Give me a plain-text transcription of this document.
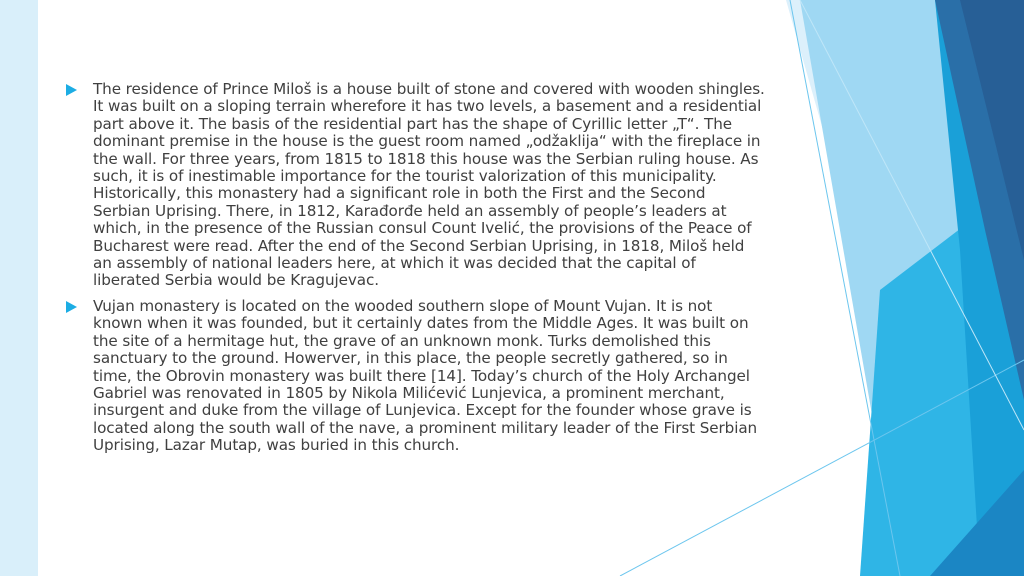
The residence of Prince Miloš is a house built of stone and covered with wooden shingles. It was built on a sloping terrain wherefore it has two levels, a basement and a residential part above it. The basis of the residential part has the shape of Cyrillic letter „T“. The dominant premise in the house is the guest room named „odžaklija“ with the fireplace in the wall. For three years, from 1815 to 1818 this house was the Serbian ruling house. As such, it is of inestimable importance for the tourist valorization of this municipality. Historically, this monastery had a significant role in both the First and the Second Serbian Uprising. There, in 1812, Karađorđe held an assembly of people’s leaders at which, in the presence of the Russian consul Count Ivelić, the provisions of the Peace of Bucharest were read. After the end of the Second Serbian Uprising, in 1818, Miloš held an assembly of national leaders here, at which it was decided that the capital of liberated Serbia would be Kragujevac.
Vujan monastery is located on the wooded southern slope of Mount Vujan. It is not known when it was founded, but it certainly dates from the Middle Ages. It was built on the site of a hermitage hut, the grave of an unknown monk. Turks demolished this sanctuary to the ground. Howerver, in this place, the people secretly gathered, so in time, the Obrovin monastery was built there [14]. Today’s church of the Holy Archangel Gabriel was renovated in 1805 by Nikola Milićević Lunjevica, a prominent merchant, insurgent and duke from the village of Lunjevica. Except for the founder whose grave is located along the south wall of the nave, a prominent military leader of the First Serbian Uprising, Lazar Mutap, was buried in this church.
